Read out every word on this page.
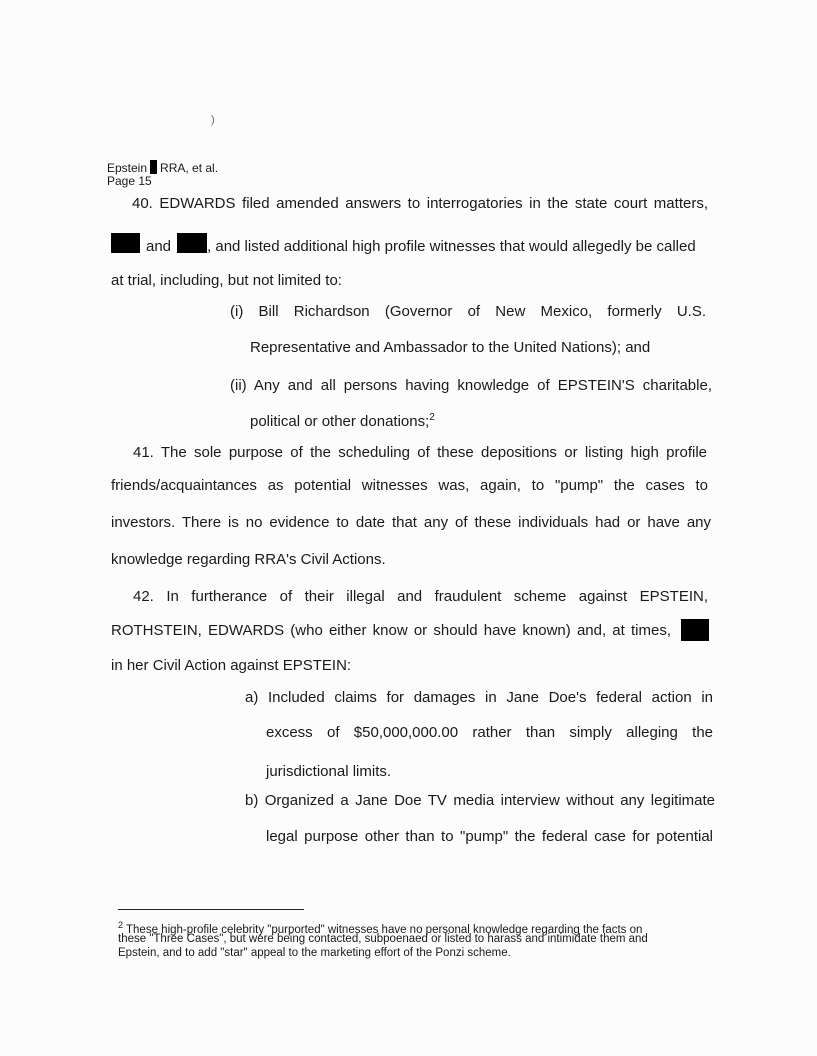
)
Epstein RRA, et al.
Page 15
40. EDWARDS filed amended answers to interrogatories in the state court matters,
and , and listed additional high profile witnesses that would allegedly be called
at trial, including, but not limited to:
(i) Bill Richardson (Governor of New Mexico, formerly U.S.
Representative and Ambassador to the United Nations); and
(ii) Any and all persons having knowledge of EPSTEIN'S charitable,
political or other donations;$^2$
41. The sole purpose of the scheduling of these depositions or listing high profile
friends/acquaintances as potential witnesses was, again, to "pump" the cases to
investors. There is no evidence to date that any of these individuals had or have any
knowledge regarding RRA's Civil Actions.
42. In furtherance of their illegal and fraudulent scheme against EPSTEIN,
ROTHSTEIN, EDWARDS (who either know or should have known) and, at times,
in her Civil Action against EPSTEIN:
a) Included claims for damages in Jane Doe's federal action in
excess of $50,000,000.00 rather than simply alleging the
jurisdictional limits.
b) Organized a Jane Doe TV media interview without any legitimate
legal purpose other than to "pump" the federal case for potential
$^2$ These high-profile celebrity "purported" witnesses have no personal knowledge regarding the facts on
these "Three Cases", but were being contacted, subpoenaed or listed to harass and intimidate them and
Epstein, and to add "star" appeal to the marketing effort of the Ponzi scheme.
